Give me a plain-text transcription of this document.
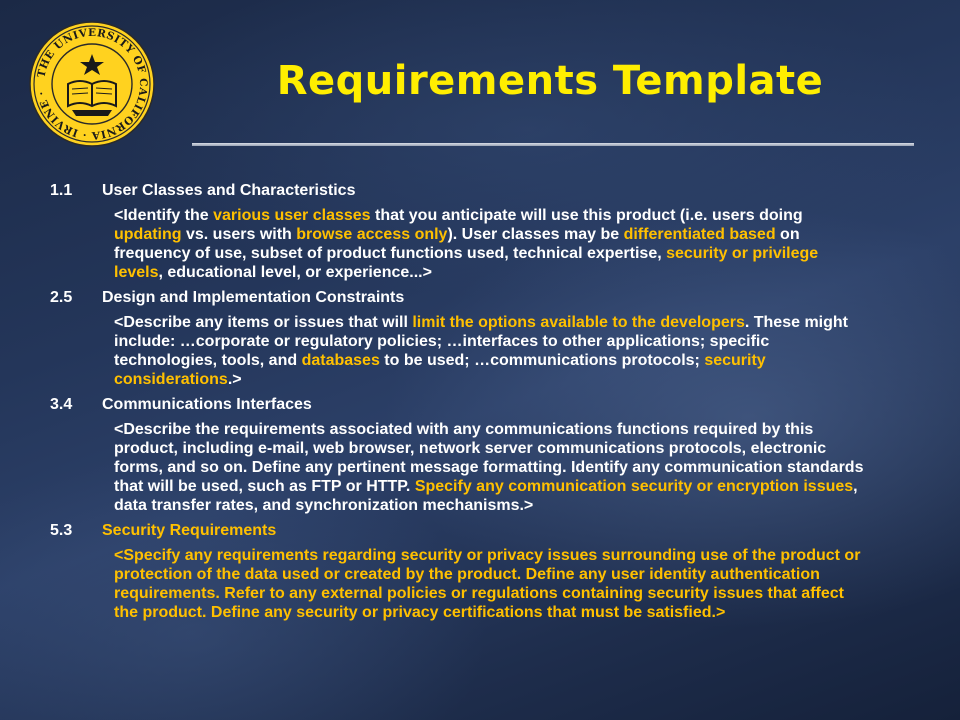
THE UNIVERSITY OF CALIFORNIA · IRVINE ·	Requirements Template
1.1	User Classes and Characteristics
<Identify the various user classes that you anticipate will use this product (i.e. users doing updating vs. users with browse access only). User classes may be differentiated based on frequency of use, subset of product functions used, technical expertise, security or privilege levels, educational level, or experience...>
2.5	Design and Implementation Constraints
<Describe any items or issues that will limit the options available to the developers. These might include: …corporate or regulatory policies; …interfaces to other applications; specific technologies, tools, and databases to be used; …communications protocols; security considerations.>
3.4	Communications Interfaces
<Describe the requirements associated with any communications functions required by this product, including e-mail, web browser, network server communications protocols, electronic forms, and so on. Define any pertinent message formatting. Identify any communication standards that will be used, such as FTP or HTTP. Specify any communication security or encryption issues, data transfer rates, and synchronization mechanisms.>
5.3	Security Requirements
<Specify any requirements regarding security or privacy issues surrounding use of the product or protection of the data used or created by the product. Define any user identity authentication requirements. Refer to any external policies or regulations containing security issues that affect the product. Define any security or privacy certifications that must be satisfied.>
